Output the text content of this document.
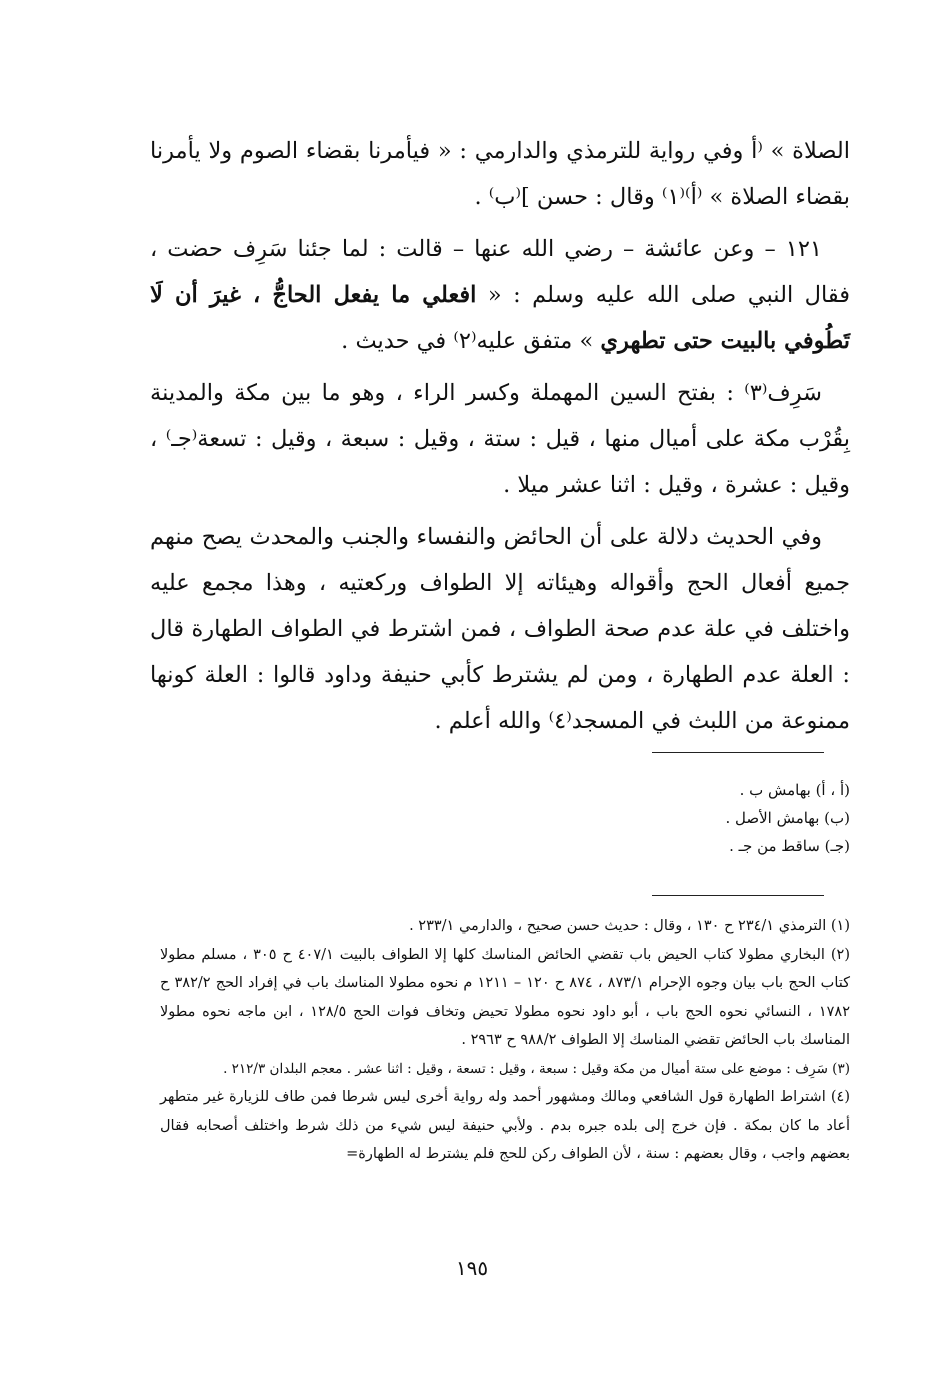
الصلاة » ⁽أ وفي رواية للترمذي والدارمي : « فيأمرنا بقضاء الصوم ولا يأمرنا بقضاء الصلاة » ⁽أ⁾⁽١⁾ وقال : حسن ]⁽ب⁾ .

١٢١ – وعن عائشة – رضي الله عنها – قالت : لما جئنا سَرِف حضت ، فقال النبي صلى الله عليه وسلم : « افعلي ما يفعل الحاجُّ ، غيرَ أن لَا تَطُوفي بالبيت حتى تطهري » متفق عليه⁽٢⁾ في حديث .

سَرِف⁽٣⁾ : بفتح السين المهملة وكسر الراء ، وهو ما بين مكة والمدينة بِقُرْب مكة على أميال منها ، قيل : ستة ، وقيل : سبعة ، وقيل : تسعة⁽جـ⁾ ، وقيل : عشرة ، وقيل : اثنا عشر ميلا .

وفي الحديث دلالة على أن الحائض والنفساء والجنب والمحدث يصح منهم جميع أفعال الحج وأقواله وهيئاته إلا الطواف وركعتيه ، وهذا مجمع عليه واختلف في علة عدم صحة الطواف ، فمن اشترط في الطواف الطهارة قال : العلة عدم الطهارة ، ومن لم يشترط كأبي حنيفة وداود قالوا : العلة كونها ممنوعة من اللبث في المسجد⁽٤⁾ والله أعلم .

(أ ، أ) بهامش ب .
(ب) بهامش الأصل .
(جـ) ساقط من جـ .

(١) الترمذي ٢٣٤/١ ح ١٣٠ ، وقال : حديث حسن صحيح ، والدارمي ٢٣٣/١ .

(٢) البخاري مطولا كتاب الحيض باب تقضي الحائض المناسك كلها إلا الطواف بالبيت ٤٠٧/١ ح ٣٠٥ ، مسلم مطولا كتاب الحج باب بيان وجوه الإحرام ٨٧٣/١ ، ٨٧٤ ح ١٢٠ – ١٢١١ م نحوه مطولا المناسك باب في إفراد الحج ٣٨٢/٢ ح ١٧٨٢ ، النسائي نحوه الحج باب ، أبو داود نحوه مطولا تحيض وتخاف فوات الحج ١٢٨/٥ ، ابن ماجه نحوه مطولا المناسك باب الحائض تقضي المناسك إلا الطواف ٩٨٨/٢ ح ٢٩٦٣ .

(٣) سَرِف : موضع على ستة أميال من مكة وقيل : سبعة ، وقيل : تسعة ، وقيل : اثنا عشر . معجم البلدان ٢١٢/٣ .

(٤) اشتراط الطهارة قول الشافعي ومالك ومشهور أحمد وله رواية أخرى ليس شرطا فمن طاف للزيارة غير متطهر أعاد ما كان بمكة . فإن خرج إلى بلده جبره بدم . ولأبي حنيفة ليس شيء من ذلك شرط واختلف أصحابه فقال بعضهم واجب ، وقال بعضهم : سنة ، لأن الطواف ركن للحج فلم يشترط له الطهارة=

١٩٥
